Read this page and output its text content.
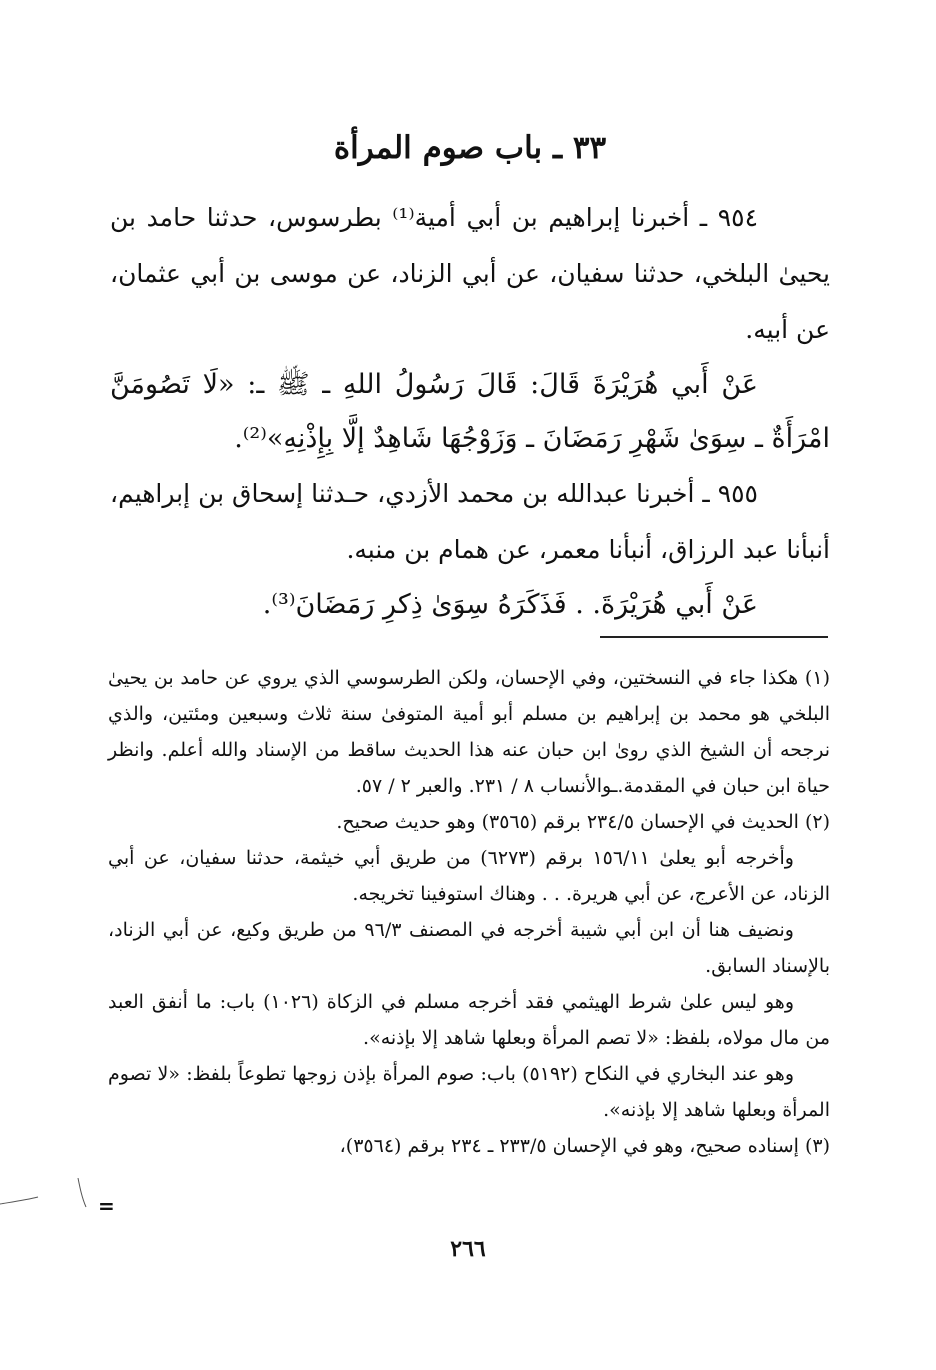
٣٣ ـ باب صوم المرأة

٩٥٤ ـ أخبرنا إبراهيم بن أبي أمية⁽¹⁾ بطرسوس، حدثنا حامد بن يحيىٰ البلخي، حدثنا سفيان، عن أبي الزناد، عن موسى بن أبي عثمان، عن أبيه.

عَنْ أَبي هُرَيْرَةَ قَالَ: قَالَ رَسُولُ اللهِ ـ ﷺ ـ: «لَا تَصُومَنَّ امْرَأَةٌ ـ سِوَىٰ شَهْرِ رَمَضَانَ ـ وَزَوْجُهَا شَاهِدٌ إلَّا بِإِذْنِهِ»⁽²⁾.

٩٥٥ ـ أخبرنا عبدالله بن محمد الأزدي، حـدثنا إسحاق بن إبراهيم، أنبأنا عبد الرزاق، أنبأنا معمر، عن همام بن منبه.

عَنْ أَبي هُرَيْرَةَ. . فَذَكَرَهُ سِوَىٰ ذِكرِ رَمَضَانَ⁽³⁾.

(١) هكذا جاء في النسختين، وفي الإحسان، ولكن الطرسوسي الذي يروي عن حامد بن يحيىٰ البلخي هو محمد بن إبراهيم بن مسلم أبو أمية المتوفىٰ سنة ثلاث وسبعين ومئتين، والذي نرجحه أن الشيخ الذي روىٰ ابن حبان عنه هذا الحديث ساقط من الإسناد والله أعلم. وانظر حياة ابن حبان في المقدمة.ـوالأنساب ٨ / ٢٣١. والعبر ٢ / ٥٧.

(٢) الحديث في الإحسان ٢٣٤/٥ برقم (٣٥٦٥) وهو حديث صحيح.

وأخرجه أبو يعلىٰ ١٥٦/١١ برقم (٦٢٧٣) من طريق أبي خيثمة، حدثنا سفيان، عن أبي الزناد، عن الأعرج، عن أبي هريرة. . . وهناك استوفينا تخريجه.

ونضيف هنا أن ابن أبي شيبة أخرجه في المصنف ٩٦/٣ من طريق وكيع، عن أبي الزناد، بالإسناد السابق.

وهو ليس علىٰ شرط الهيثمي فقد أخرجه مسلم في الزكاة (١٠٢٦) باب: ما أنفق العبد من مال مولاه، بلفظ: «لا تصم المرأة وبعلها شاهد إلا بإذنه».

وهو عند البخاري في النكاح (٥١٩٢) باب: صوم المرأة بإذن زوجها تطوعاً بلفظ: «لا تصوم المرأة وبعلها شاهد إلا بإذنه».

(٣) إسناده صحيح، وهو في الإحسان ٢٣٣/٥ ـ ٢٣٤ برقم (٣٥٦٤)،

=
٢٦٦
